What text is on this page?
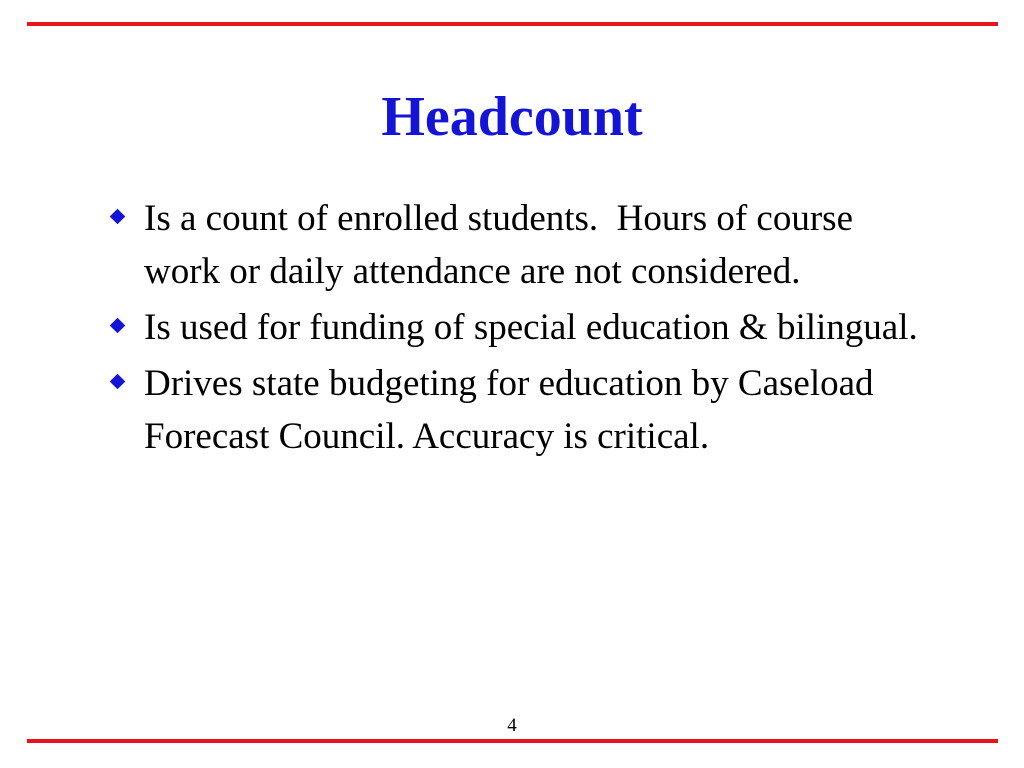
Headcount
Is a count of enrolled students.  Hours of course work or daily attendance are not considered.
Is used for funding of special education & bilingual.
Drives state budgeting for education by Caseload Forecast Council. Accuracy is critical.
4
